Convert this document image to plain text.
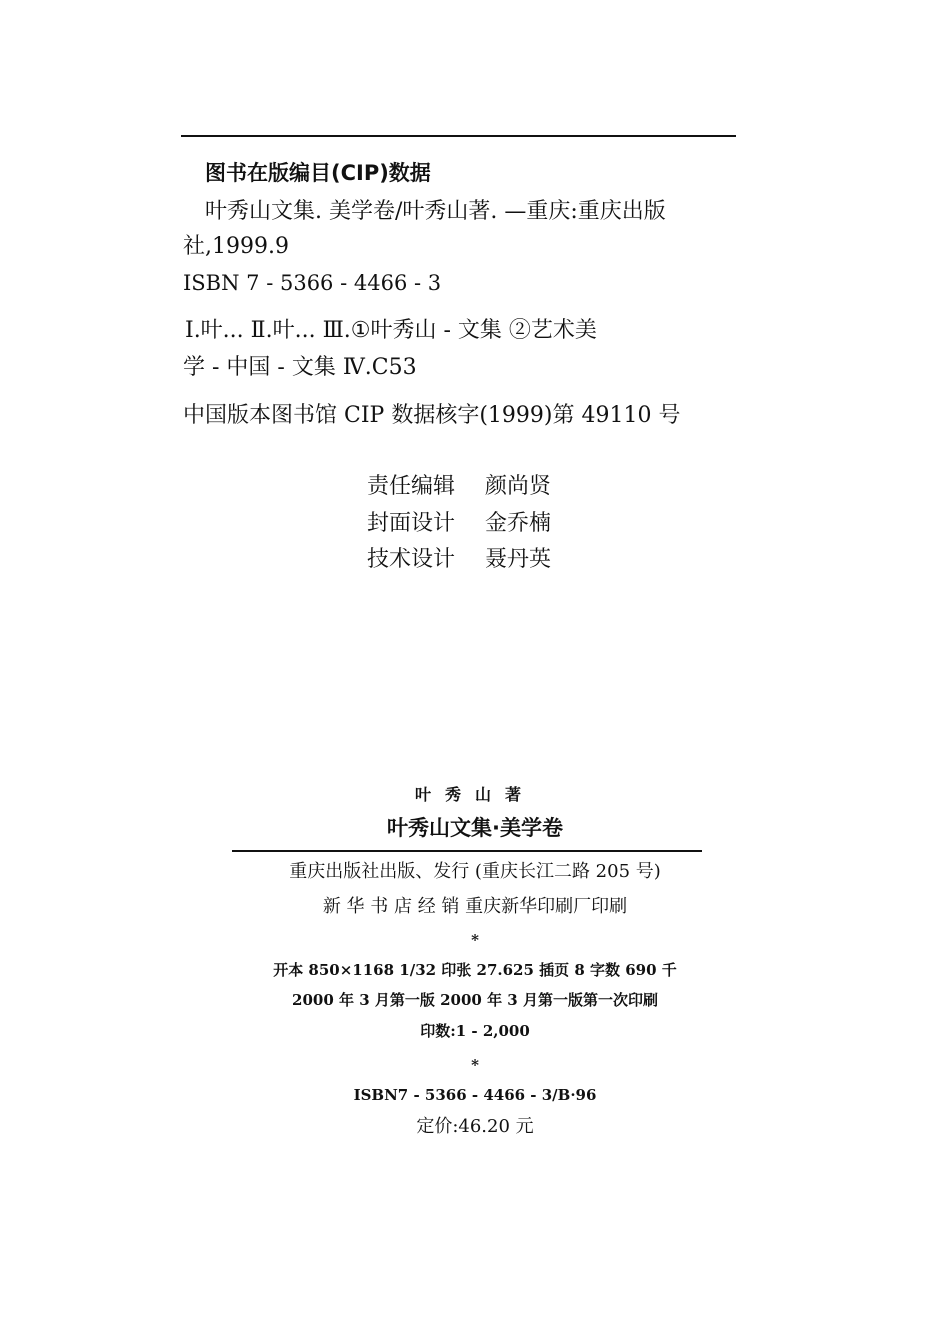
图书在版编目(CIP)数据
叶秀山文集. 美学卷/叶秀山著. —重庆:重庆出版
社,1999.9
ISBN 7 - 5366 - 4466 - 3
Ⅰ.叶... Ⅱ.叶... Ⅲ.①叶秀山 - 文集 ②艺术美
学 - 中国 - 文集 Ⅳ.C53
中国版本图书馆 CIP 数据核字(1999)第 49110 号
责任编辑 颜尚贤
封面设计 金乔楠
技术设计 聂丹英
叶秀山著
叶秀山文集·美学卷
重庆出版社出版、发行 (重庆长江二路 205 号)
新 华 书 店 经 销 重庆新华印刷厂印刷
*
开本 850×1168 1/32 印张 27.625 插页 8 字数 690 千
2000 年 3 月第一版 2000 年 3 月第一版第一次印刷
印数:1 - 2,000
*
ISBN7 - 5366 - 4466 - 3/B·96
定价:46.20 元
